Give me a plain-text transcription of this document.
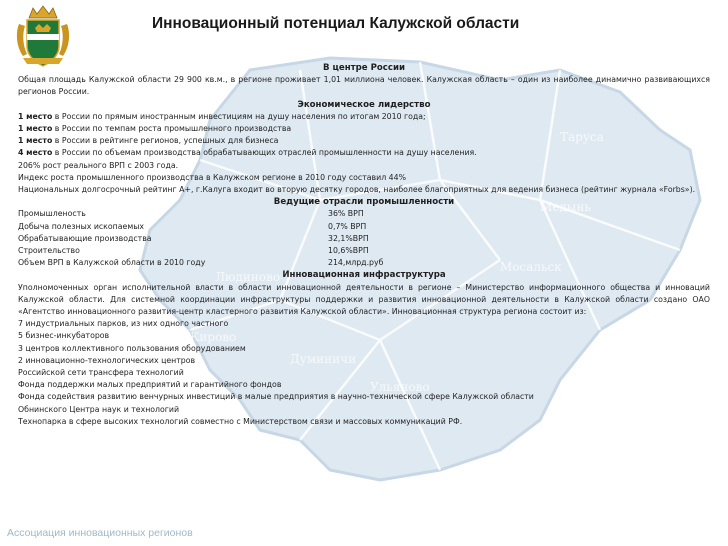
Людиново
Кирово
Думиничи
Ульяново
Мосальск
Медынь
Таруса
Инновационный потенциал Калужской области
В центре России
Общая площадь Калужской области 29 900 кв.м., в регионе проживает 1,01 миллиона человек. Калужская область – один из наиболее динамично развивающихся регионов России.
Экономическое лидерство
1 место в России по прямым иностранным инвестициям на душу населения по итогам 2010 года;
1 место в России по темпам роста промышленного производства
1 место в России в рейтинге регионов, успешных для бизнеса
4 место в России по объемам производства обрабатывающих отраслей промышленности на душу населения.
206% рост реального ВРП с 2003 года.
Индекс роста промышленного производства в Калужском регионе в 2010 году составил 44%
Национальных долгосрочный рейтинг A+, г.Калуга входит во вторую десятку городов, наиболее благоприятных для ведения бизнеса (рейтинг журнала «Forbs»).
Ведущие отрасли промышленности
Промышленость	36% ВРП
Добыча полезных ископаемых	0,7% ВРП
Обрабатывающие производства	32,1%ВРП
Строительство	10,6%ВРП
Объем ВРП в Калужской области в 2010 году	214,млрд.руб
Инновационная инфраструктура
Уполномоченных орган исполнительной власти в области инновационной деятельности в регионе – Министерство информационного общества и инноваций Калужской области. Для системной координации инфраструктуры поддержки и развития инновационной деятельности в Калужской области создано ОАО «Агентство инновационного развития-центр кластерного развития Калужской области». Инновационная структура региона состоит из:
7 индустриальных парков, из них одного частного
5 бизнес-инкубаторов
3 центров коллективного пользования оборудованием
2 инновационно-технологических центров
Российской сети трансфера технологий
Фонда поддержки малых предприятий и гарантийного фондов
Фонда содействия развитию венчурных инвестиций в малые предприятия в научно-технической сфере Калужской области
Обнинского Центра наук и технологий
Технопарка в сфере высоких технологий совместно с Министерством связи и массовых коммуникаций РФ.
Ассоциация инновационных регионов
